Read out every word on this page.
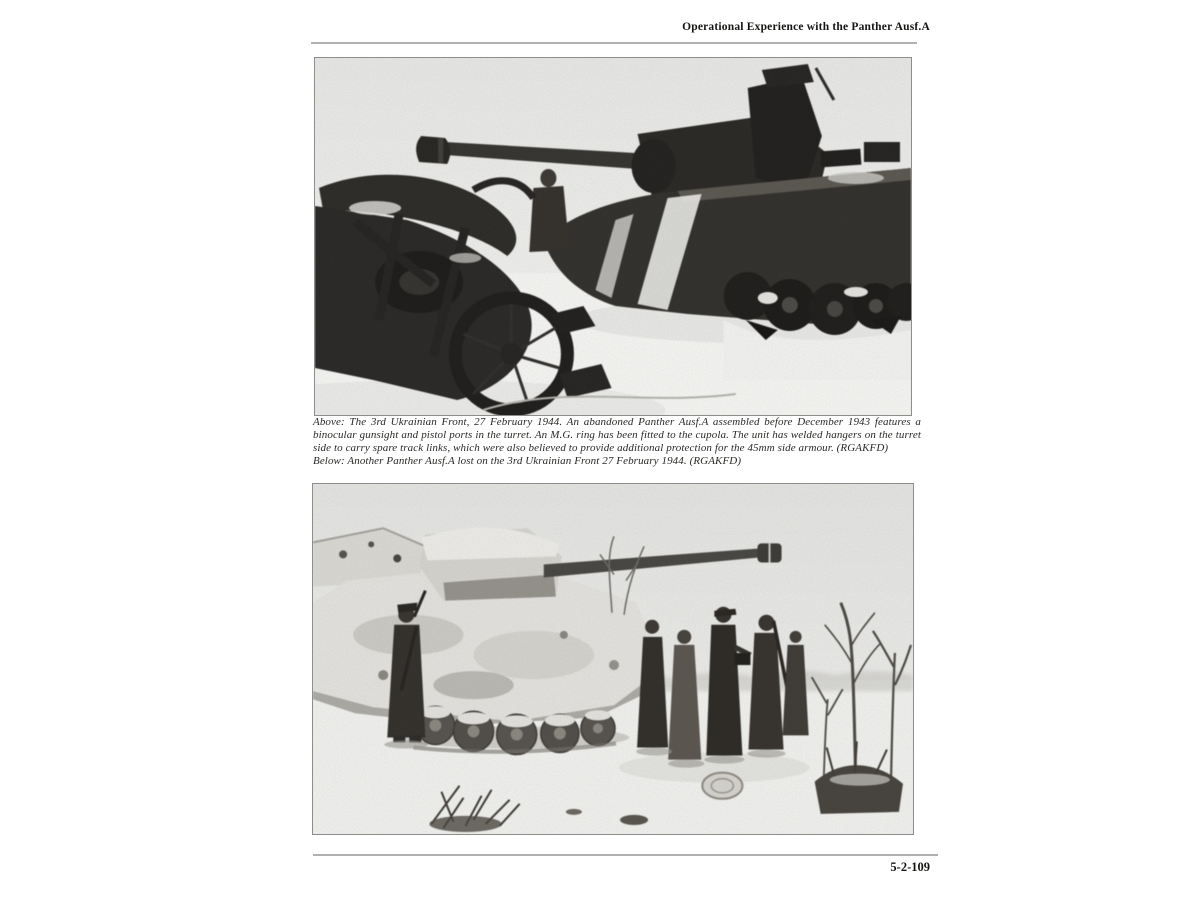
Operational Experience with the Panther Ausf.A

Above: The 3rd Ukrainian Front, 27 February 1944. An abandoned Panther Ausf.A assembled before December 1943 features a binocular gunsight and pistol ports in the turret. An M.G. ring has been fitted to the cupola. The unit has welded hangers on the turret side to carry spare track links, which were also believed to provide additional protection for the 45mm side armour. (RGAKFD)

Below: Another Panther Ausf.A lost on the 3rd Ukrainian Front 27 February 1944. (RGAKFD)

5-2-109
